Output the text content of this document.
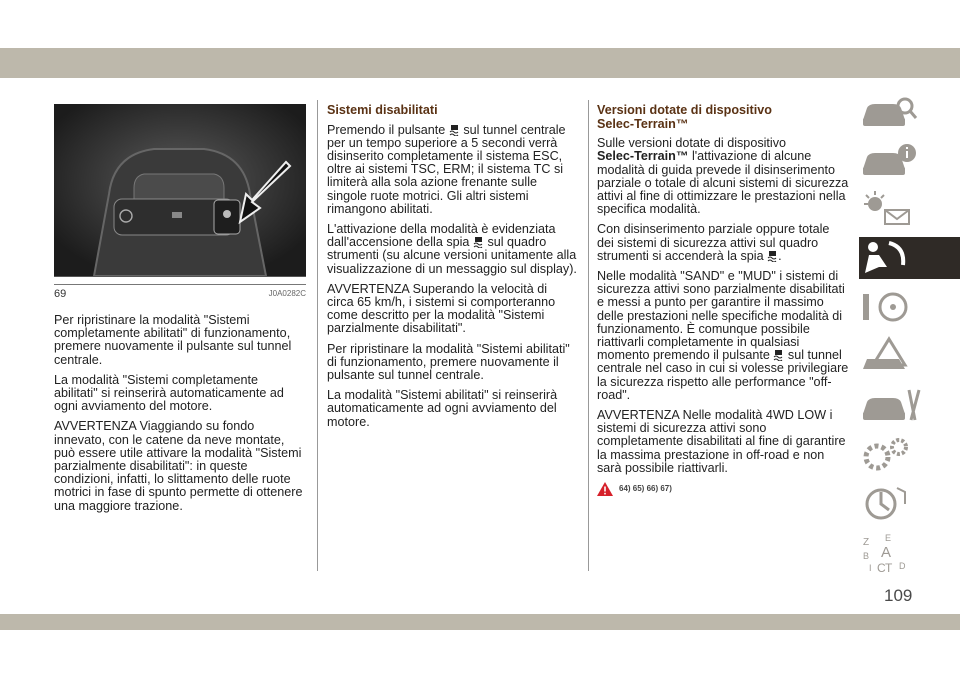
69	J0A0282C

Per ripristinare la modalità "Sistemi completamente abilitati" di funzionamento, premere nuovamente il pulsante sul tunnel centrale.

La modalità "Sistemi completamente abilitati" si reinserirà automaticamente ad ogni avviamento del motore.

AVVERTENZA Viaggiando su fondo innevato, con le catene da neve montate, può essere utile attivare la modalità "Sistemi parzialmente disabilitati": in queste condizioni, infatti, lo slittamento delle ruote motrici in fase di spunto permette di ottenere una maggiore trazione.

Sistemi disabilitati

Premendo il pulsante sul tunnel centrale per un tempo superiore a 5 secondi verrà disinserito completamente il sistema ESC, oltre ai sistemi TSC, ERM; il sistema TC si limiterà alla sola azione frenante sulle singole ruote motrici. Gli altri sistemi rimangono abilitati.

L'attivazione della modalità è evidenziata dall'accensione della spia sul quadro strumenti (su alcune versioni unitamente alla visualizzazione di un messaggio sul display).

AVVERTENZA Superando la velocità di circa 65 km/h, i sistemi si comporteranno come descritto per la modalità "Sistemi parzialmente disabilitati".

Per ripristinare la modalità "Sistemi abilitati" di funzionamento, premere nuovamente il pulsante sul tunnel centrale.

La modalità "Sistemi abilitati" si reinserirà automaticamente ad ogni avviamento del motore.

Versioni dotate di dispositivo
Selec-Terrain™

Sulle versioni dotate di dispositivo
Selec-Terrain™ l'attivazione di alcune modalità di guida prevede il disinserimento parziale o totale di alcuni sistemi di sicurezza attivi al fine di ottimizzare le prestazioni nella specifica modalità.

Con disinserimento parziale oppure totale dei sistemi di sicurezza attivi sul quadro strumenti si accenderà la spia .

Nelle modalità "SAND" e "MUD" i sistemi di sicurezza attivi sono parzialmente disabilitati e messi a punto per garantire il massimo delle prestazioni nelle specifiche modalità di funzionamento. È comunque possibile riattivarli completamente in qualsiasi momento premendo il pulsante sul tunnel centrale nel caso in cui si volesse privilegiare la sicurezza rispetto alle performance "off-road".

AVVERTENZA Nelle modalità 4WD LOW i sistemi di sicurezza attivi sono completamente disabilitati al fine di garantire la massima prestazione in off-road e non sarà possibile riattivarli.

64) 65) 66) 67)
Z E
B A
I C T D
109
